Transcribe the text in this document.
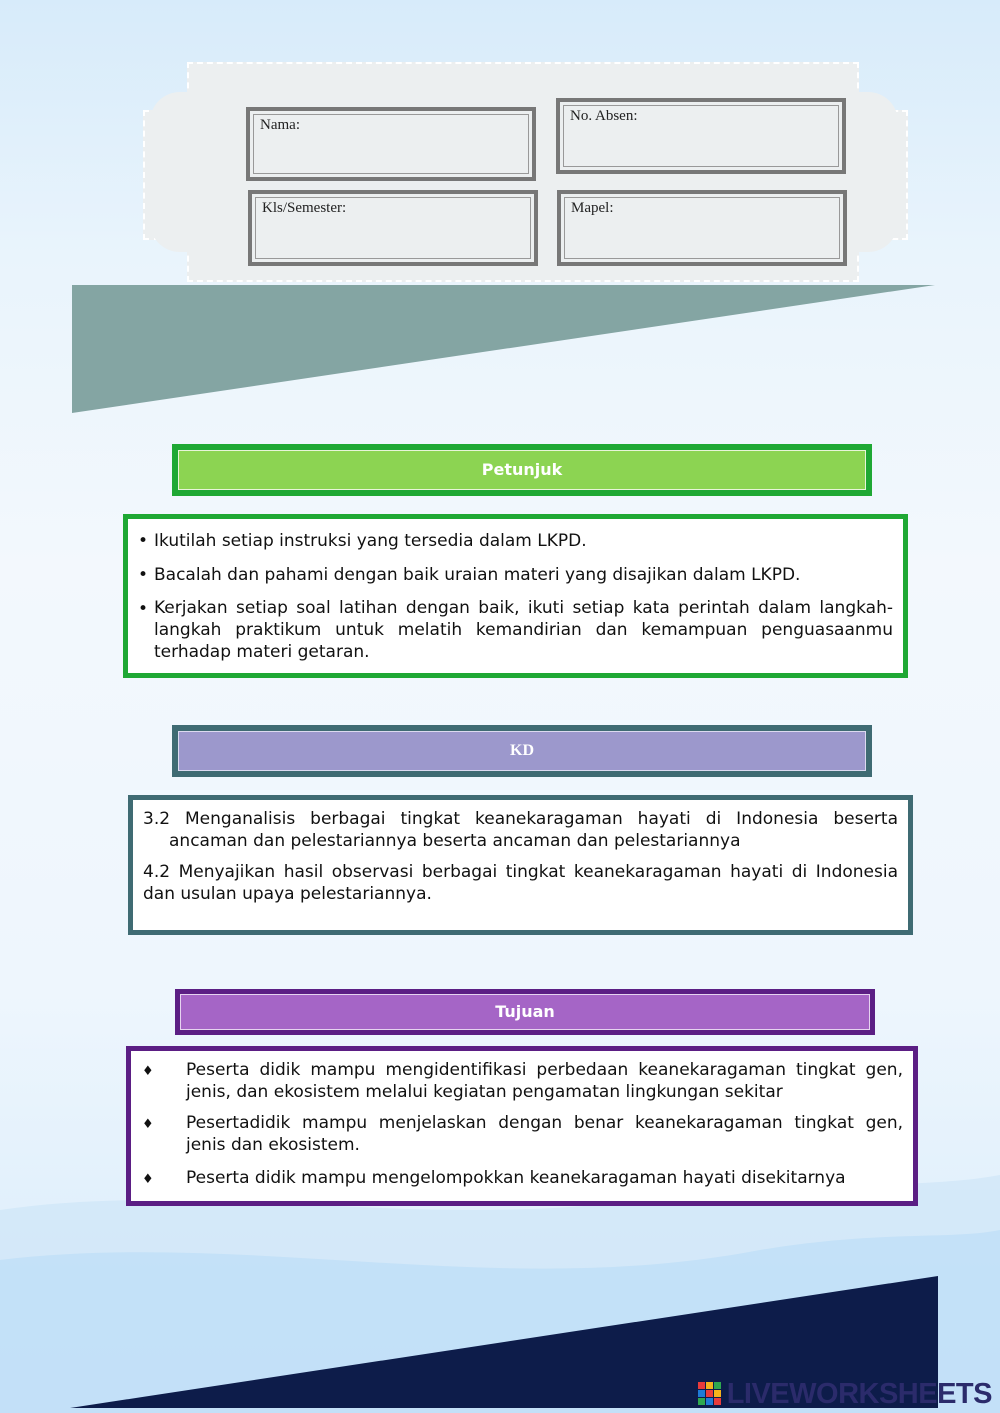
Nama:
No. Absen:
Kls/Semester:	Mapel:
Petunjuk
• Ikutilah setiap instruksi yang tersedia dalam LKPD.
• Bacalah dan pahami dengan baik uraian materi yang disajikan dalam LKPD.
• Kerjakan setiap soal latihan dengan baik, ikuti setiap kata perintah dalam langkah-langkah praktikum untuk melatih kemandirian dan kemampuan penguasaanmu terhadap materi getaran.
KD
3.2 Menganalisis berbagai tingkat keanekaragaman hayati di Indonesia beserta ancaman dan pelestariannya beserta ancaman dan pelestariannya
4.2 Menyajikan hasil observasi berbagai tingkat keanekaragaman hayati di Indonesia dan usulan upaya pelestariannya.
Tujuan
♦ Peserta didik mampu mengidentifikasi perbedaan keanekaragaman tingkat gen, jenis, dan ekosistem melalui kegiatan pengamatan lingkungan sekitar
♦ Pesertadidik mampu menjelaskan dengan benar keanekaragaman tingkat gen, jenis dan ekosistem.
♦ Peserta didik mampu mengelompokkan keanekaragaman hayati disekitarnya
LIVEWORKSHEETS
